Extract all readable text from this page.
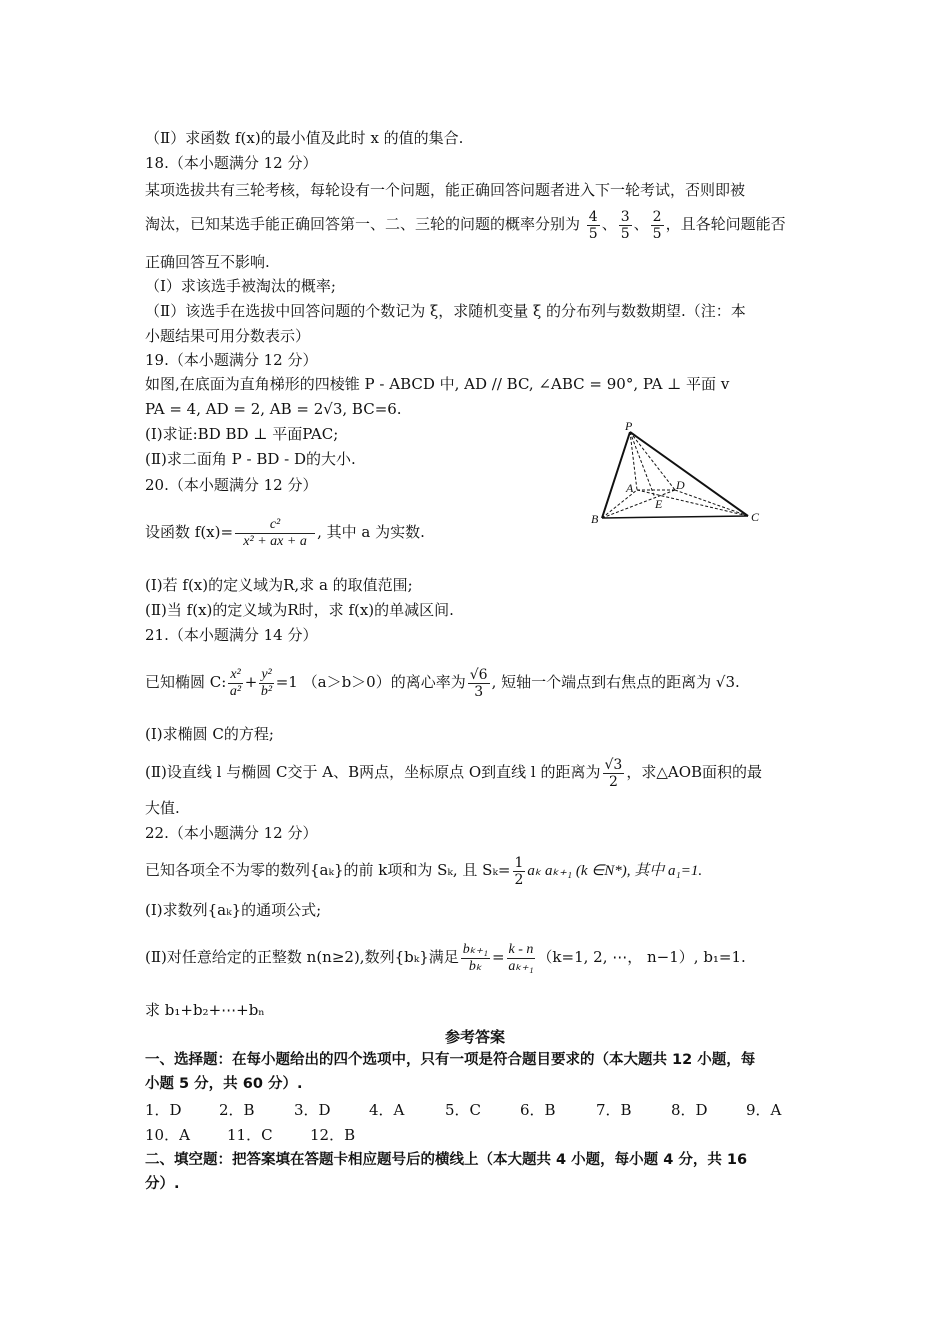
（Ⅱ）求函数 f(x)的最小值及此时 x 的值的集合.
18.（本小题满分 12 分）
某项选拔共有三轮考核，每轮设有一个问题，能正确回答问题者进入下一轮考试，否则即被
淘汰，已知某选手能正确回答第一、二、三轮的问题的概率分别为 $\frac{4}{5}$ 、 $\frac{3}{5}$ 、 $\frac{2}{5}$ ，且各轮问题能否
正确回答互不影响.
（Ⅰ）求该选手被淘汰的概率;
（Ⅱ）该选手在选拔中回答问题的个数记为 ξ，求随机变量 ξ 的分布列与数数期望.（注：本
小题结果可用分数表示）
19.（本小题满分 12 分）
如图,在底面为直角梯形的四棱锥 P - ABCD 中, AD // BC, ∠ABC = 90°, PA ⊥ 平面 v
PA = 4, AD = 2, AB = 2√3, BC=6.
(Ⅰ)求证:BD BD ⊥ 平面PAC;
(Ⅱ)求二面角 P - BD - D的大小.
P
A	D
E
B	C
20.（本小题满分 12 分）
设函数 $f(x)= \frac{\text{c²}}{\text{x² + ax + a}}$ , 其中 a 为实数.
(Ⅰ)若 f(x)的定义域为R,求 a 的取值范围;
(Ⅱ)当 f(x)的定义域为R时，求 f(x)的单减区间.
21.（本小题满分 14 分）
已知椭圆 C: $\frac{\text{x²}}{\text{a²}} + \frac{\text{y²}}{\text{b²}} =1$ （a＞b＞0）的离心率为 $\frac{√6}{3}$ , 短轴一个端点到右焦点的距离为 √3.
(Ⅰ)求椭圆 C的方程;
(Ⅱ)设直线 l 与椭圆 C交于 A、B两点，坐标原点 O到直线 l 的距离为 $\frac{√3}{2}$ ，求△AOB面积的最
大值.
22.（本小题满分 12 分）
已知各项全不为零的数列{aₖ}的前 k项和为 Sₖ, 且 $S_k= \frac{1}{2}$ aₖ aₖ₊₁ (k ∈N*), 其中 a₁=1.
(Ⅰ)求数列{aₖ}的通项公式;
(Ⅱ)对任意给定的正整数 n(n≥2),数列{bₖ}满足 $\frac{\text{bₖ₊₁}}{\text{bₖ}} = \frac{k - n}{\text{aₖ₊₁}} (k=1$, 2, ⋯， n−1）, b₁=1.
求 b₁+b₂+⋯+bₙ
参考答案
一、选择题：在每小题给出的四个选项中，只有一项是符合题目要求的（本大题共 12 小题，每
小题 5 分，共 60 分）.
1．D 2．B	3．D	4．A	5．C	6．B	7．B	8．D	9．A
10．A 11．C 12．B
二、填空题：把答案填在答题卡相应题号后的横线上（本大题共 4 小题，每小题 4 分，共 16
分）.
